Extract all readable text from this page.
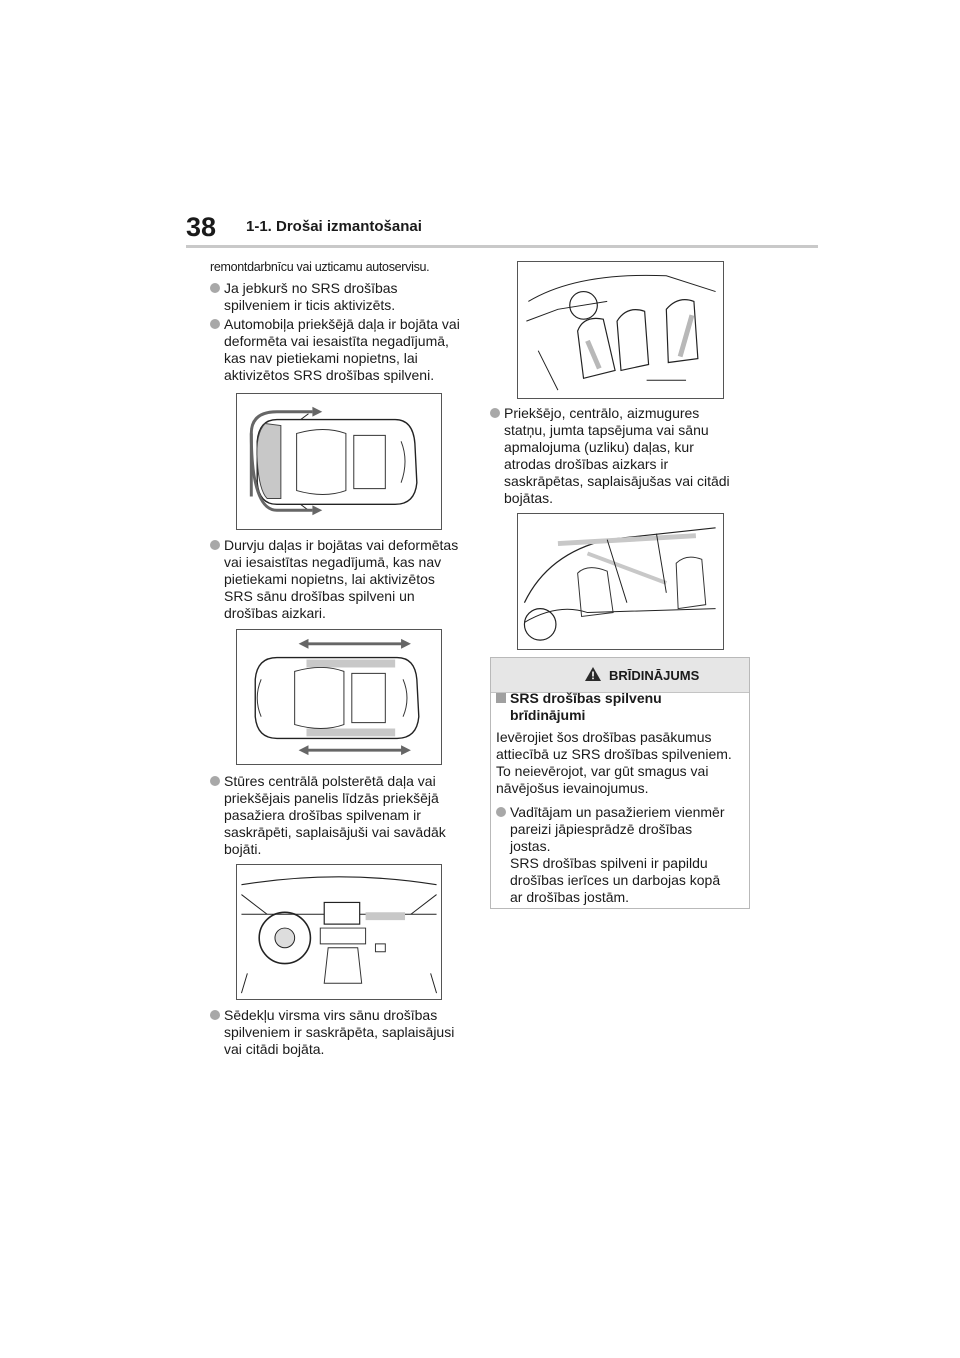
38 1-1. Drošai izmantošanai
remontdarbnīcu vai uzticamu autoservisu.
Ja jebkurš no SRS drošības
spilveniem ir ticis aktivizēts.
Automobiļa priekšējā daļa ir bojāta vai
deformēta vai iesaistīta negadījumā,
kas nav pietiekami nopietns, lai
aktivizētos SRS drošības spilveni.
Durvju daļas ir bojātas vai deformētas
vai iesaistītas negadījumā, kas nav
pietiekami nopietns, lai aktivizētos
SRS sānu drošības spilveni un
drošības aizkari.
Stūres centrālā polsterētā daļa vai
priekšējais panelis līdzās priekšējā
pasažiera drošības spilvenam ir
saskrāpēti, saplaisājuši vai savādāk
bojāti.
Sēdekļu virsma virs sānu drošības
spilveniem ir saskrāpēta, saplaisājusi
vai citādi bojāta.
Priekšējo, centrālo, aizmugures
statņu, jumta tapsējuma vai sānu
apmalojuma (uzliku) daļas, kur
atrodas drošības aizkars ir
saskrāpētas, saplaisājušas vai citādi
bojātas.
BRĪDINĀJUMS
SRS drošības spilvenu
brīdinājumi
Ievērojiet šos drošības pasākumus
attiecībā uz SRS drošības spilveniem.
To neievērojot, var gūt smagus vai
nāvējošus ievainojumus.
Vadītājam un pasažieriem vienmēr
pareizi jāpiesprādzē drošības
jostas.
SRS drošības spilveni ir papildu
drošības ierīces un darbojas kopā
ar drošības jostām.
